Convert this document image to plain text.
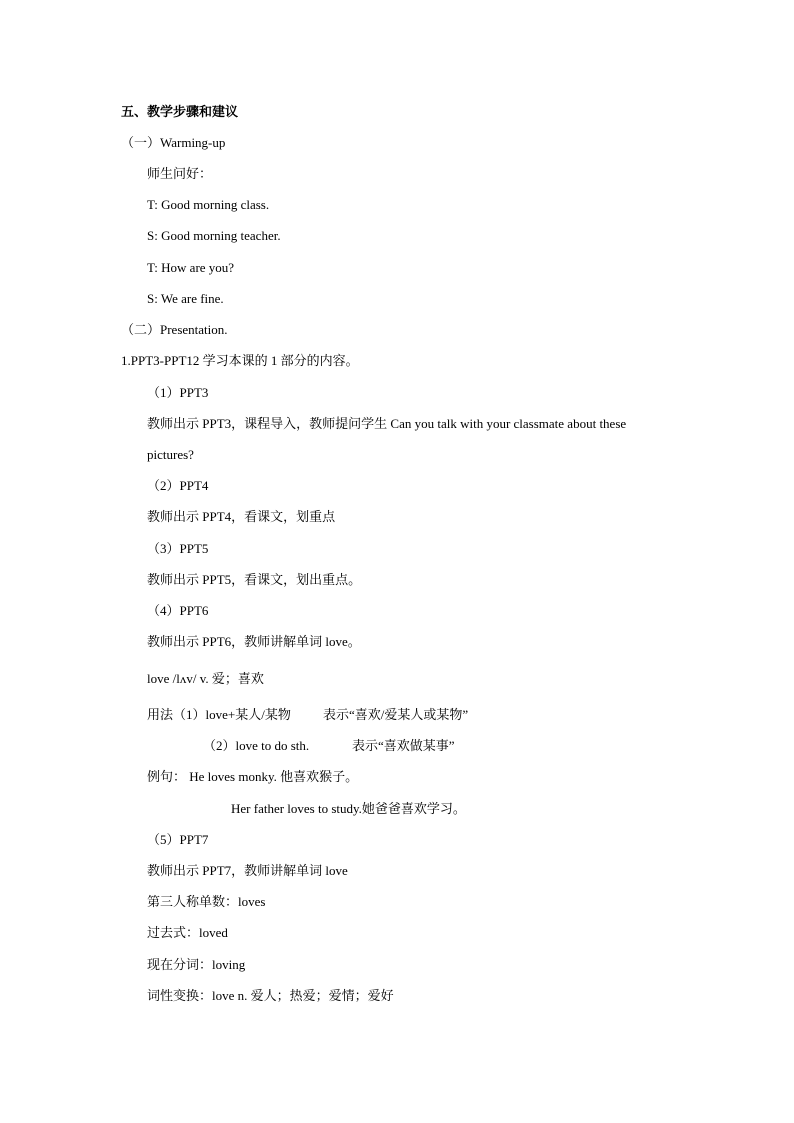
五、教学步骤和建议
（一）Warming-up
师生问好：
T: Good morning class.
S: Good morning teacher.
T: How are you?
S: We are fine.
（二）Presentation.
1.PPT3-PPT12 学习本课的 1 部分的内容。
（1）PPT3
教师出示 PPT3，课程导入，教师提问学生 Can you talk with your classmate about these
pictures?
（2）PPT4
教师出示 PPT4，看课文，划重点
（3）PPT5
教师出示 PPT5，看课文，划出重点。
（4）PPT6
教师出示 PPT6，教师讲解单词 love。
love /lʌv/ v. 爱；喜欢
用法（1）love+某人/某物 表示“喜欢/爱某人或某物”
（2）love to do sth.	表示“喜欢做某事”
例句： He loves monky. 他喜欢猴子。
Her father loves to study.她爸爸喜欢学习。
（5）PPT7
教师出示 PPT7，教师讲解单词 love
第三人称单数：loves
过去式：loved
现在分词：loving
词性变换：love n. 爱人；热爱；爱情；爱好
